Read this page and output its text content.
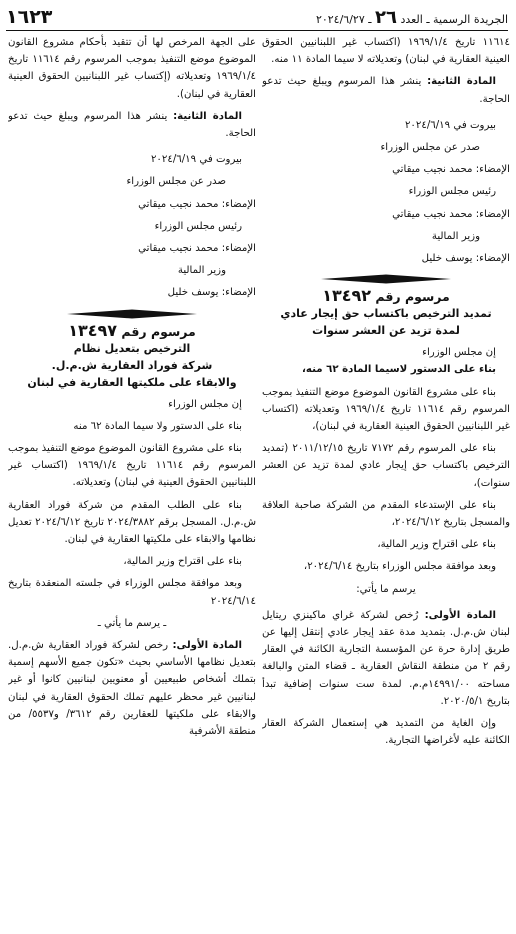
الجريدة الرسمية ـ العدد ٢٦ ـ ٢٠٢٤/٦/٢٧
١٦٢٣

١١٦١٤ تاريخ ١٩٦٩/١/٤ (اكتساب غير اللبنانيين الحقوق العينية العقارية في لبنان) وتعديلاته لا سيما المادة ١١ منه.

المادة الثانية: ينشر هذا المرسوم ويبلغ حيث تدعو الحاجة.

بيروت في ٢٠٢٤/٦/١٩

صدر عن مجلس الوزراء

الإمضاء: محمد نجيب ميقاتي

رئيس مجلس الوزراء

الإمضاء: محمد نجيب ميقاتي

وزير المالية

الإمضاء: يوسف خليل

مرسوم رقم ١٣٤٩٢

تمديد الترخيص باكتساب حق إيجار عادي

لمدة تزيد عن العشر سنوات

إن مجلس الوزراء

بناء على الدستور لاسيما المادة ٦٢ منه،

بناء على مشروع القانون الموضوع موضع التنفيذ بموجب المرسوم رقم ١١٦١٤ تاريخ ١٩٦٩/١/٤ وتعديلاته (اكتساب غير اللبنانيين الحقوق العينية العقارية في لبنان)،

بناء على المرسوم رقم ٧١٧٢ تاريخ ٢٠١١/١٢/١٥ (تمديد الترخيص باكتساب حق إيجار عادي لمدة تزيد عن العشر سنوات)،

بناء على الإستدعاء المقدم من الشركة صاحبة العلاقة والمسجل بتاريخ ٢٠٢٤/٦/١٢،

بناء على اقتراح وزير المالية،

وبعد موافقة مجلس الوزراء بتاريخ ٢٠٢٤/٦/١٤،

يرسم ما يأتي:

المادة الأولى: رُخص لشركة غراي ماكينزي ريتايل لبنان ش.م.ل. بتمديد مدة عقد إيجار عادي إنتقل إليها عن طريق إدارة حرة عن المؤسسة التجارية الكائنة في العقار رقم ٢ من منطقة النقاش العقارية ـ قضاء المتن والبالغة مساحته ١٤٩٩١/٠٠م.م. لمدة ست سنوات إضافية تبدأ بتاريخ ٢٠٢٠/٥/١.

وإن الغاية من التمديد هي إستعمال الشركة العقار الكائنة عليه لأغراضها التجارية.

على الجهة المرخص لها أن تتقيد بأحكام مشروع القانون الموضوع موضع التنفيذ بموجب المرسوم رقم ١١٦١٤ تاريخ ١٩٦٩/١/٤ وتعديلاته (إكتساب غير اللبنانيين الحقوق العينية العقارية في لبنان).

المادة الثانية: ينشر هذا المرسوم ويبلغ حيث تدعو الحاجة.

بيروت في ٢٠٢٤/٦/١٩

صدر عن مجلس الوزراء

الإمضاء: محمد نجيب ميقاتي

رئيس مجلس الوزراء

الإمضاء: محمد نجيب ميقاتي

وزير المالية

الإمضاء: يوسف خليل

مرسوم رقم ١٣٤٩٧

الترخيص بتعديل نظام

شركة فوراد العقارية ش.م.ل.

والابقاء على ملكيتها العقارية في لبنان

إن مجلس الوزراء

بناء على الدستور ولا سيما المادة ٦٢ منه

بناء على مشروع القانون الموضوع موضع التنفيذ بموجب المرسوم رقم ١١٦١٤ تاريخ ١٩٦٩/١/٤ (اكتساب غير اللبنانيين الحقوق العينية في لبنان) وتعديلاته.

بناء على الطلب المقدم من شركة فوراد العقارية ش.م.ل. المسجل برقم ٢٠٢٤/٣٨٨٢ تاريخ ٢٠٢٤/٦/١٢ تعديل نظامها والابقاء على ملكيتها العقارية في لبنان.

بناء على اقتراح وزير المالية،

وبعد موافقة مجلس الوزراء في جلسته المنعقدة بتاريخ ٢٠٢٤/٦/١٤

ـ يرسم ما يأتي ـ

المادة الأولى: رخص لشركة فوراد العقارية ش.م.ل. بتعديل نظامها الأساسي بحيث «تكون جميع الأسهم إسمية بتملك أشخاص طبيعيين أو معنويين لبنانيين كانوا أو غير لبنانيين غير محظر عليهم تملك الحقوق العقارية في لبنان والابقاء على ملكيتها للعقارين رقم ٣٦١٢/ و٥٥٣٧/ من منطقة الأشرفية
